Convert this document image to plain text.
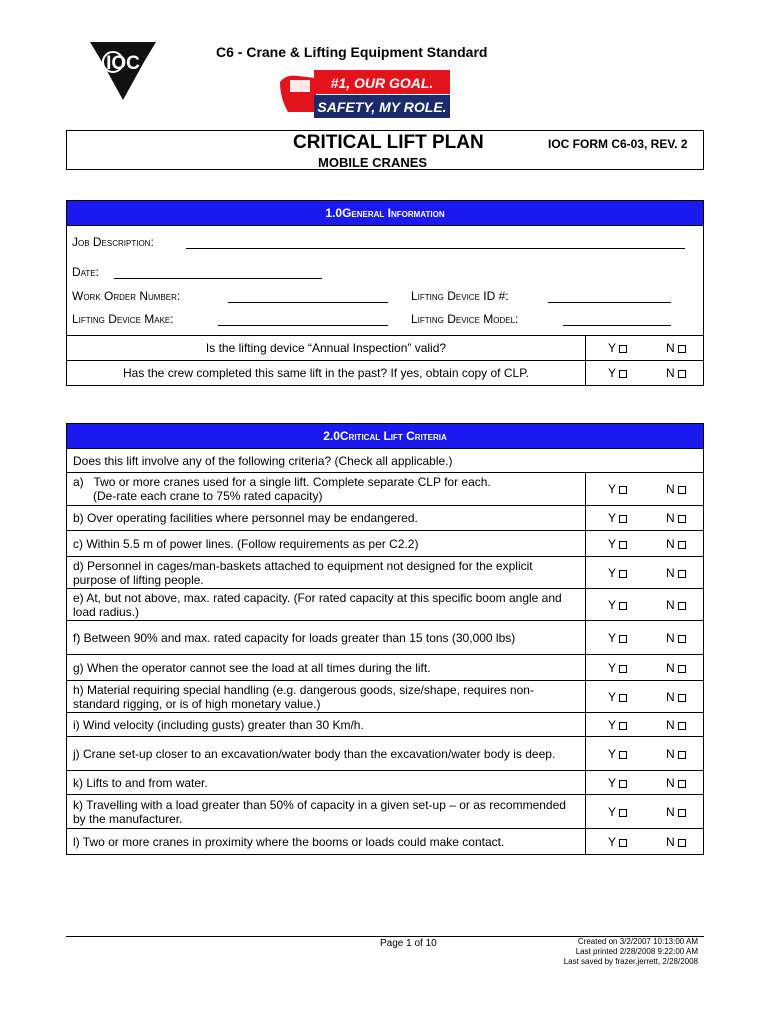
IOC
C6 - Crane & Lifting Equipment Standard
#1, OUR GOAL.
SAFETY, MY ROLE.
CRITICAL LIFT PLAN
MOBILE CRANES
IOC FORM C6-03, REV. 2
1.0 General Information
Job Description:
Date:
Work Order Number:	Lifting Device ID #:
Lifting Device Make:	Lifting Device Model:
Is the lifting device “Annual Inspection” valid?	Y	N
Has the crew completed this same lift in the past? If yes, obtain copy of CLP.	Y	N
2.0 Critical Lift Criteria
Does this lift involve any of the following criteria? (Check all applicable.)
a)   Two or more cranes used for a single lift. Complete separate CLP for each.
(De-rate each crane to 75% rated capacity)	Y	N
b) Over operating facilities where personnel may be endangered.	Y	N
c) Within 5.5 m of power lines. (Follow requirements as per C2.2)	Y	N
d) Personnel in cages/man-baskets attached to equipment not designed for the explicit purpose of lifting people.	Y	N
e) At, but not above, max. rated capacity. (For rated capacity at this specific boom angle and load radius.)	Y	N
f) Between 90% and max. rated capacity for loads greater than 15 tons (30,000 lbs)	Y	N
g) When the operator cannot see the load at all times during the lift.	Y	N
h) Material requiring special handling (e.g. dangerous goods, size/shape, requires non-standard rigging, or is of high monetary value.)	Y	N
i) Wind velocity (including gusts) greater than 30 Km/h.	Y	N
j) Crane set-up closer to an excavation/water body than the excavation/water body is deep.	Y	N
k) Lifts to and from water.	Y	N
k) Travelling with a load greater than 50% of capacity in a given set-up – or as recommended by the manufacturer.	Y	N
l) Two or more cranes in proximity where the booms or loads could make contact.	Y	N
Page 1 of 10	Created on 3/2/2007 10:13:00 AM
Last printed 2/28/2008 9:22:00 AM
Last saved by frazer.jerrett, 2/28/2008
